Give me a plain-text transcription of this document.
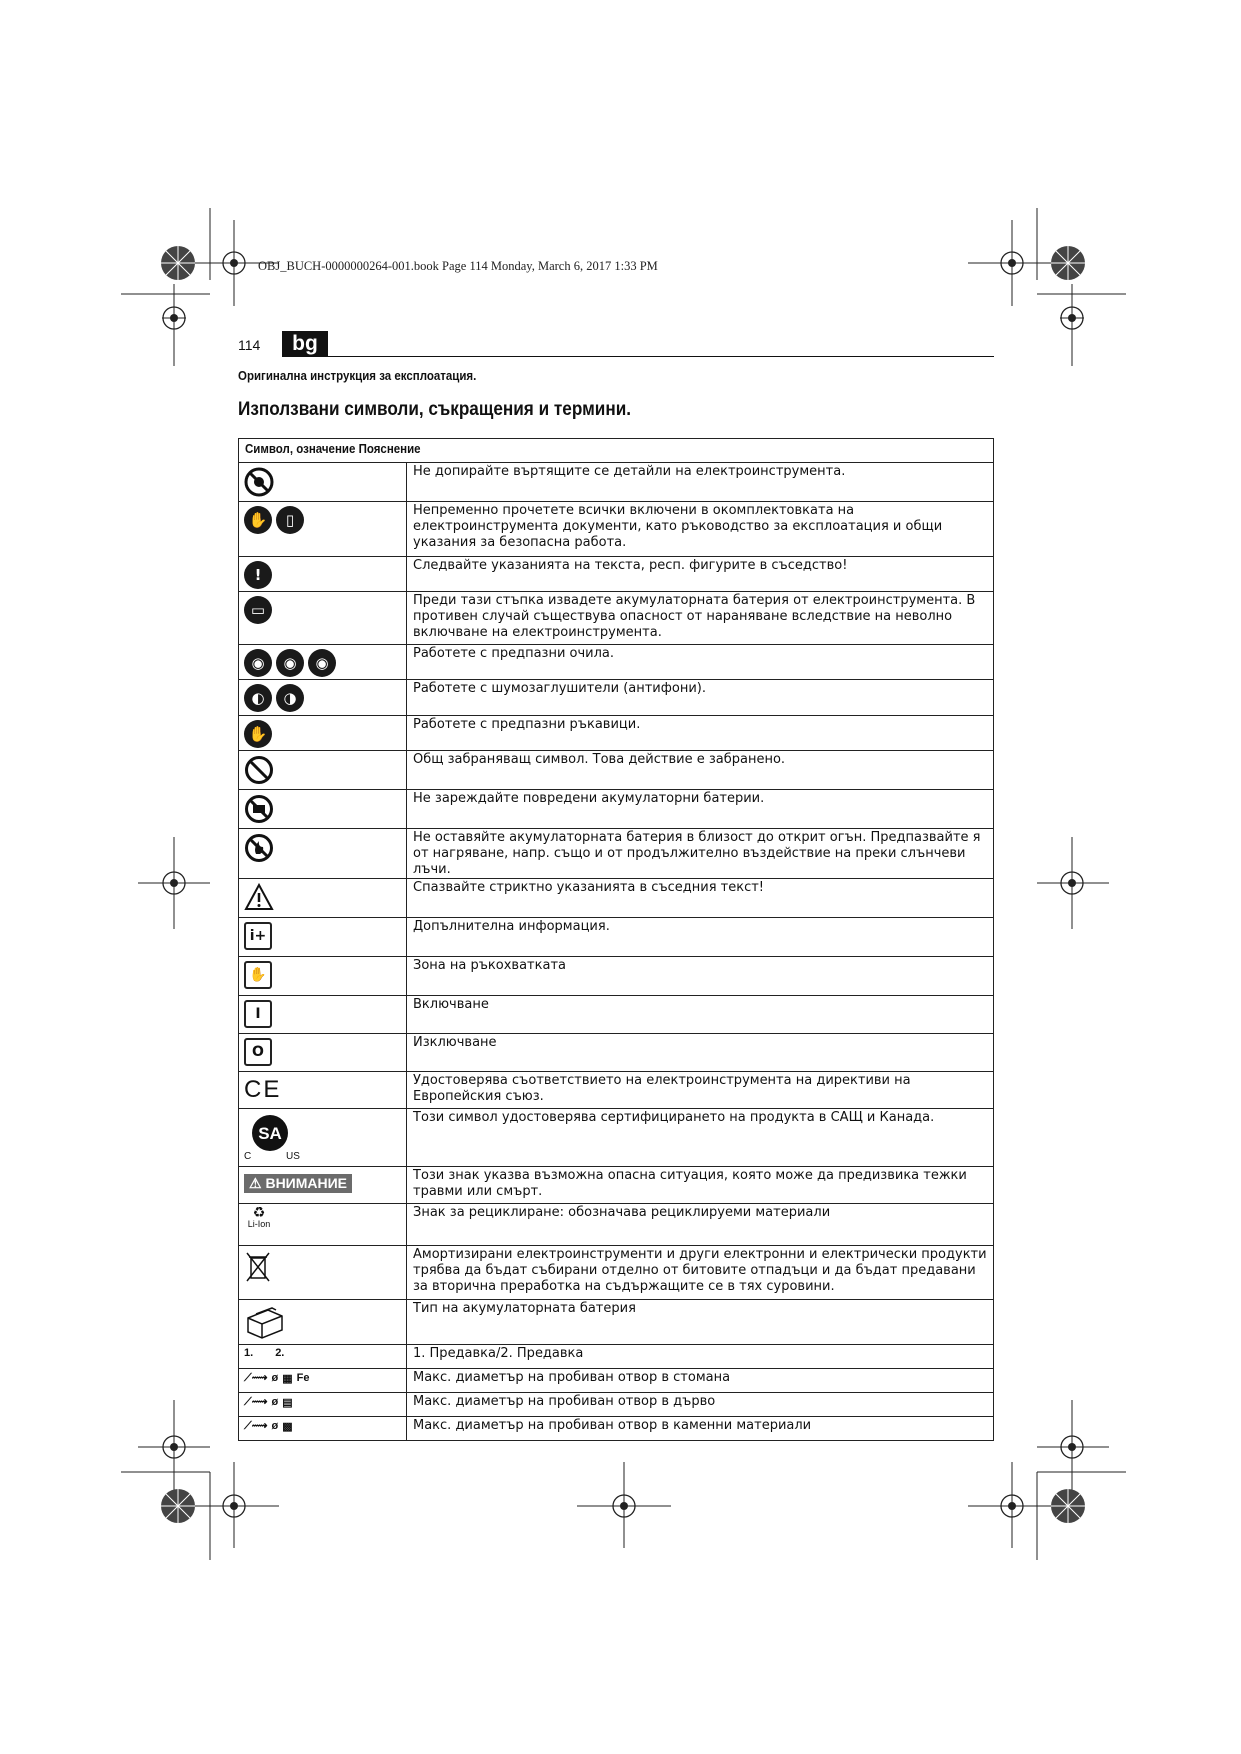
OBJ_BUCH-0000000264-001.book Page 114 Monday, March 6, 2017 1:33 PM
114	bg
Оригинална инструкция за експлоатация.
Използвани символи, съкращения и термини.
Символ, означение Пояснение	
	Не допирайте въртящите се детайли на електроинструмента.

✋ ▯	Непременно прочетете всички включени в окомплектовката на електроинструмента документи, като ръководство за експлоатация и общи указания за безопасна работа.

!	Следвайте указанията на текста, респ. фигурите в съседство!

▭	Преди тази стъпка извадете акумулаторната батерия от електроинструмента. В противен случай съществува опасност от нараняване вследствие на неволно включване на електроинструмента.

◉ ◉ ◉	Работете с предпазни очила.

◐ ◑	Работете с шумозаглушители (антифони).

✋	Работете с предпазни ръкавици.
	Общ забраняващ символ. Това действие е забранено.
	Не зареждайте повредени акумулаторни батерии.
	Не оставяйте акумулаторната батерия в близост до открит огън. Предпазвайте я от нагряване, напр. също и от продължително въздействие на преки слънчеви лъчи.
	Спазвайте стриктно указанията в съседния текст!

i+	Допълнителна информация.

✋	Зона на ръкохватката

I	Включване

O	Изключване
CE	Удостоверява съответствието на електроинструмента на директиви на Европейския съюз.

SA
C US	Този символ удостоверява сертифицирането на продукта в САЩ и Канада.
⚠ ВНИМАНИЕ	Този знак указва възможна опасна ситуация, която може да предизвика тежки травми или смърт.

♻
Li-Ion	Знак за рециклиране: обозначава рециклируеми материали
	Амортизирани електроинструменти и други електронни и електрически продукти трябва да бъдат събирани отделно от битовите отпадъци и да бъдат предавани за вторична преработка на съдържащите се в тях суровини.
	Тип на акумулаторната батерия

1. 2.	1. Предавка/2. Предавка

⟋⟿ ø ▦ Fe	Макс. диаметър на пробиван отвор в стомана

⟋⟿ ø ▤	Макс. диаметър на пробиван отвор в дърво

⟋⟿ ø ▩	Макс. диаметър на пробиван отвор в каменни материали
